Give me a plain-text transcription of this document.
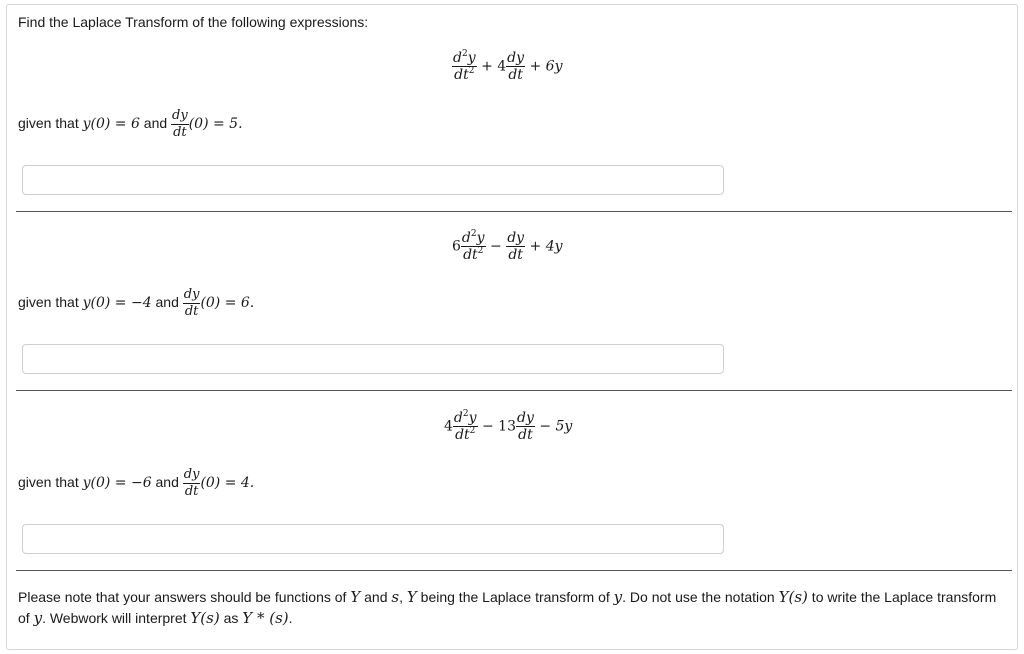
Find the Laplace Transform of the following expressions:
$\frac{d^2y}{dt^2} + 4 \frac{dy}{dt} + 6y$
given that y(0) = 6 and $\frac{dy}{dt} (0) = 5$.
$6 \frac{d^2y}{dt^2} - \frac{dy}{dt} + 4y$
given that y(0) = −4 and $\frac{dy}{dt} (0) = 6$.
$4 \frac{d^2y}{dt^2} - 13 \frac{dy}{dt} - 5y$
given that y(0) = −6 and $\frac{dy}{dt} (0) = 4$.
Please note that your answers should be functions of Y and s, Y being the Laplace transform of y. Do not use the notation Y(s) to write the Laplace transform of y. Webwork will interpret Y(s) as Y * (s).
